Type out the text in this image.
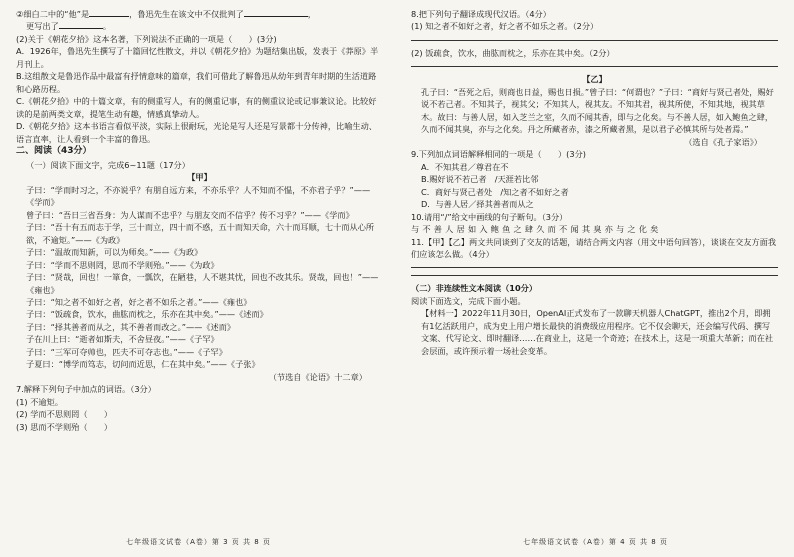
②细白二中的“他”是	，鲁迅先生在该文中不仅批判了	，
更写出了	。
(2)关于《朝花夕拾》这本名著，下列说法不正确的一项是（　　）(3分)
A．1926年，鲁迅先生撰写了十篇回忆性散文，并以《朝花夕拾》为题结集出版，发表于《莽原》半月刊上。
B.这组散文是鲁迅作品中最富有抒情意味的篇章，我们可借此了解鲁迅从幼年到青年时期的生活道路和心路历程。
C.《朝花夕拾》中的十篇文章，有的侧重写人，有的侧重记事，有的侧重议论或记事兼议论。比较好读的是前两类文章，提笔生动有趣，情感真挚动人。
D.《朝花夕拾》这本书语言看似平淡，实际上很耐玩，光论是写人还是写景都十分传神，比喻生动、语言直率，让人看到一个丰富的鲁迅。
二、阅读（43分）
（一）阅读下面文字，完成6~11题（17分）
【甲】
子曰：“学而时习之，不亦说乎？有朋自远方来，不亦乐乎？人不知而不愠，不亦君子乎？”——《学而》
曾子曰：“吾日三省吾身：为人谋而不忠乎？与朋友交而不信乎？传不习乎？”——《学而》
子曰：“吾十有五而志于学，三十而立，四十而不惑，五十而知天命，六十而耳顺，七十而从心所欲，不逾矩。”——《为政》
子曰：“温故而知新，可以为师矣。”——《为政》
子曰：“学而不思则罔，思而不学则殆。”——《为政》
子曰：“贤哉，回也！一箪食，一瓢饮，在陋巷，人不堪其忧，回也不改其乐。贤哉，回也！”——《雍也》
子曰：“知之者不如好之者，好之者不如乐之者。”——《雍也》
子曰：“饭疏食，饮水，曲肱而枕之，乐亦在其中矣。”——《述而》
子曰：“择其善者而从之，其不善者而改之。”——《述而》
子在川上曰：“逝者如斯夫，不舍昼夜。”——《子罕》
子曰：“三军可夺帅也，匹夫不可夺志也。”——《子罕》
子夏曰：“博学而笃志，切问而近思，仁在其中矣。”——《子张》
（节选自《论语》十二章）
7.解释下列句子中加点的词语。（3分）
(1) 不逾矩。
(2) 学而不思则罔（　　）
(3) 思而不学则殆（　　）
七年级语文试卷（A卷）第 3 页 共 8 页
8.把下列句子翻译成现代汉语。（4分）
(1) 知之者不如好之者，好之者不如乐之者。（2分）
(2) 饭疏食，饮水，曲肱而枕之，乐亦在其中矣。（2分）
【乙】
孔子曰：“吾死之后，则商也日益，赐也日损。”曾子曰：“何谓也？”子曰：“商好与贤己者处，赐好说不若己者。不知其子，视其父；不知其人，视其友。不知其君，视其所使，不知其地，视其草木。故曰：与善人居，如入芝兰之室，久而不闻其香，即与之化矣。与不善人居，如入鲍鱼之肆，久而不闻其臭，亦与之化矣。丹之所藏者赤，漆之所藏者黑，是以君子必慎其所与处者焉。”
（选自《孔子家语》）
9.下列加点词语解释相同的一项是（　　）(3分)
A．不知其君／尊君在不
B.赐好说不若己者　/天涯若比邻
C．商好与贤己者处　/知之者不如好之者
D．与善人居／择其善者而从之
10.请用“/”给文中画线的句子断句。（3分）
与不善人居如入鲍鱼之肆久而不闻其臭亦与之化矣
11.【甲】【乙】两文共同谈到了交友的话题，请结合两文内容（用文中语句回答），谈谈在交友方面我们应该怎么做。（4分）
（二）非连续性文本阅读（10分）
阅读下面选文，完成下面小题。
【材料一】2022年11月30日，OpenAI正式发布了一款聊天机器人ChatGPT，推出2个月，即拥有1亿活跃用户，成为史上用户增长最快的消费级应用程序。它不仅会聊天，还会编写代码、撰写文案、代写论文、即时翻译……在商业上，这是一个奇迹；在技术上，这是一项重大革新；而在社会层面，或许预示着一场社会变革。
七年级语文试卷（A卷）第 4 页 共 8 页
